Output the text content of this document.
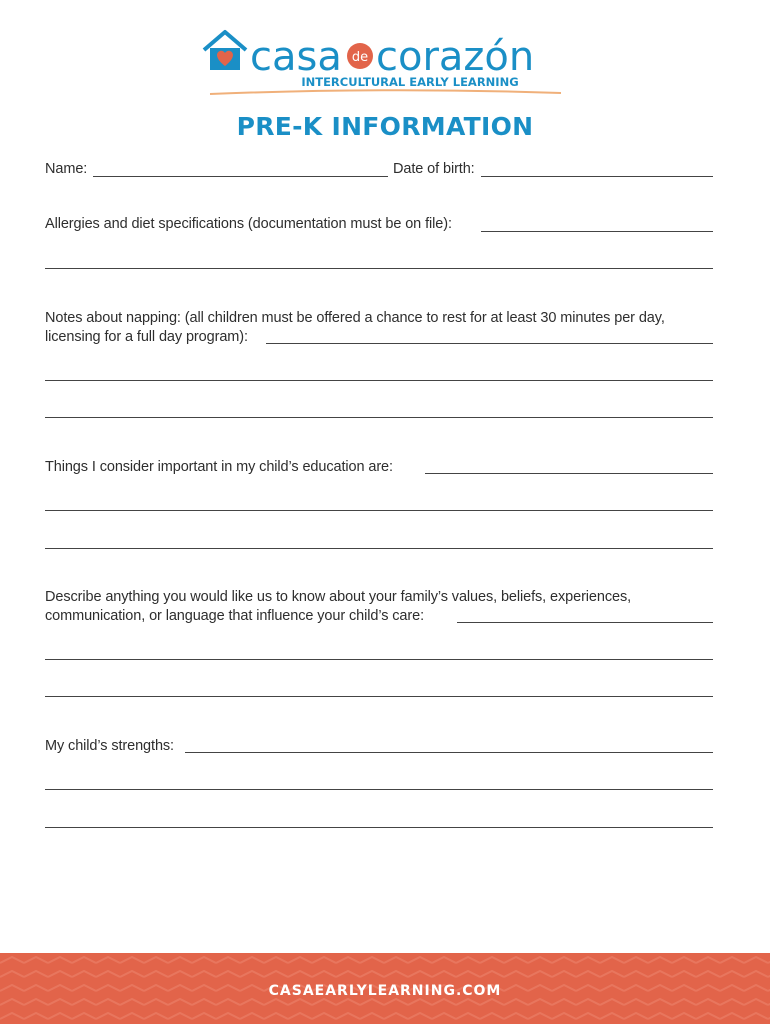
casa de corazón
INTERCULTURAL EARLY LEARNING
PRE-K INFORMATION
Name:	Date of birth:
Allergies and diet specifications (documentation must be on file):
Notes about napping: (all children must be offered a chance to rest for at least 30 minutes per day,
licensing for a full day program):
Things I consider important in my child’s education are:
Describe anything you would like us to know about your family’s values, beliefs, experiences,
communication, or language that influence your child’s care:
My child’s strengths:
CASAEARLYLEARNING.COM
